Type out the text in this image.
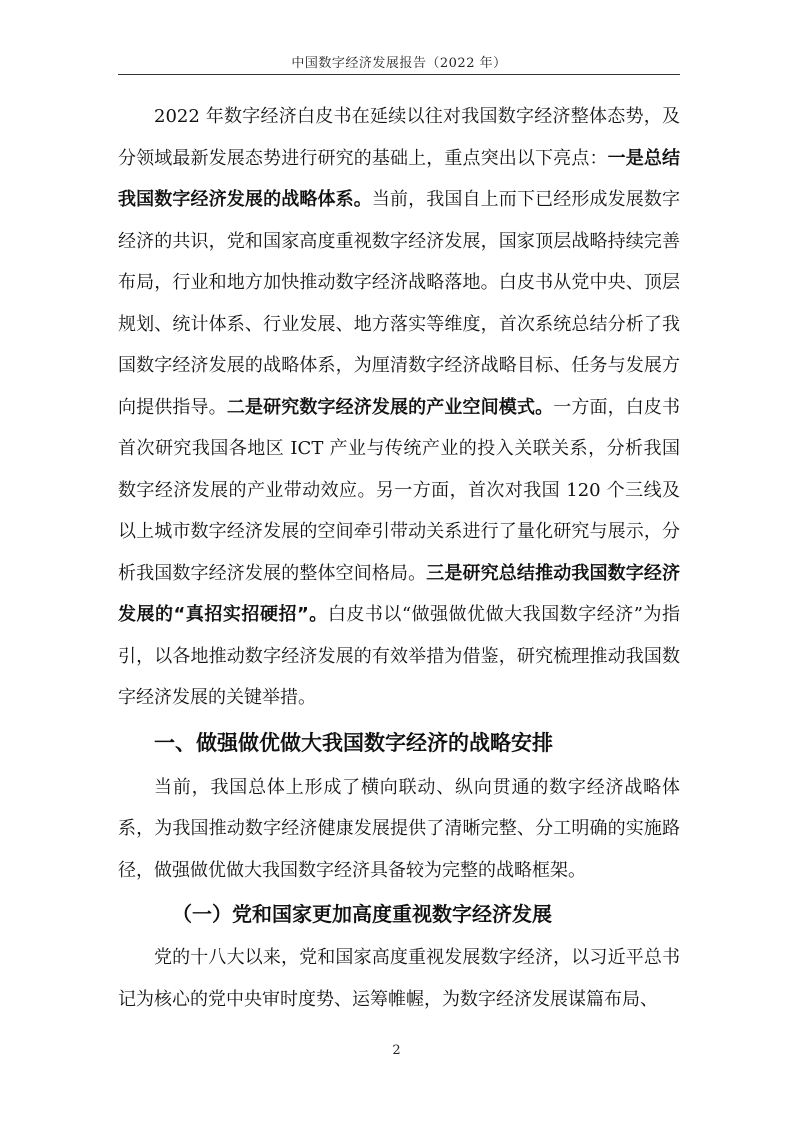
中国数字经济发展报告（2022 年）

2022 年数字经济白皮书在延续以往对我国数字经济整体态势，及分领域最新发展态势进行研究的基础上，重点突出以下亮点：一是总结我国数字经济发展的战略体系。当前，我国自上而下已经形成发展数字经济的共识，党和国家高度重视数字经济发展，国家顶层战略持续完善布局，行业和地方加快推动数字经济战略落地。白皮书从党中央、顶层规划、统计体系、行业发展、地方落实等维度，首次系统总结分析了我国数字经济发展的战略体系，为厘清数字经济战略目标、任务与发展方向提供指导。二是研究数字经济发展的产业空间模式。一方面，白皮书首次研究我国各地区 ICT 产业与传统产业的投入关联关系，分析我国数字经济发展的产业带动效应。另一方面，首次对我国 120 个三线及以上城市数字经济发展的空间牵引带动关系进行了量化研究与展示，分析我国数字经济发展的整体空间格局。三是研究总结推动我国数字经济发展的“真招实招硬招”。白皮书以“做强做优做大我国数字经济”为指引，以各地推动数字经济发展的有效举措为借鉴，研究梳理推动我国数字经济发展的关键举措。

一、做强做优做大我国数字经济的战略安排

当前，我国总体上形成了横向联动、纵向贯通的数字经济战略体系，为我国推动数字经济健康发展提供了清晰完整、分工明确的实施路径，做强做优做大我国数字经济具备较为完整的战略框架。

（一）党和国家更加高度重视数字经济发展

党的十八大以来，党和国家高度重视发展数字经济，以习近平总书记为核心的党中央审时度势、运筹帷幄，为数字经济发展谋篇布局、

2
